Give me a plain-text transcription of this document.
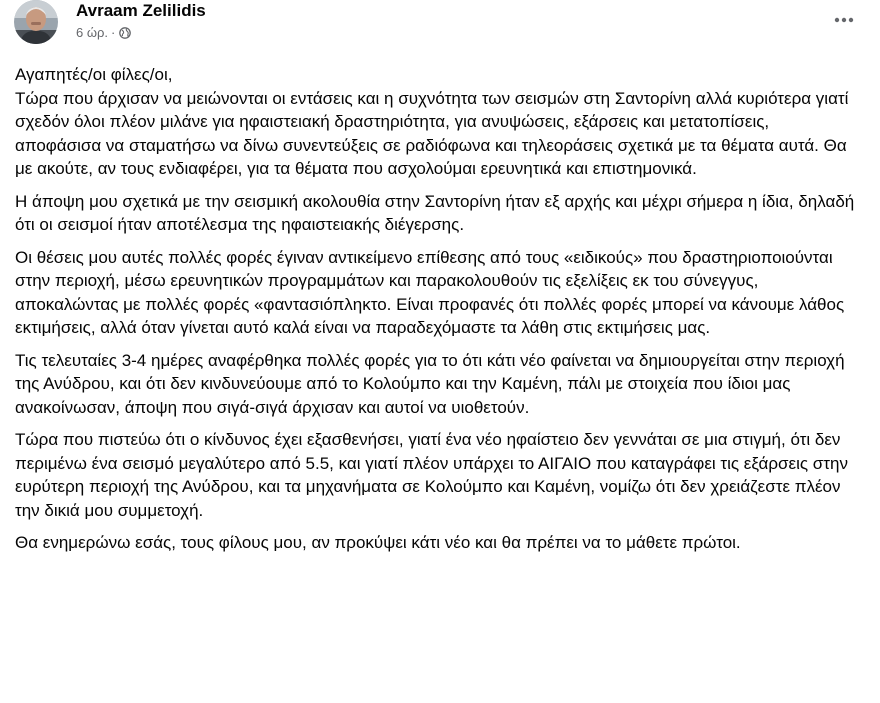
Avraam Zelilidis
6 ώρ. ·

Αγαπητές/οι φίλες/οι,
Τώρα που άρχισαν να μειώνονται οι εντάσεις και η συχνότητα των σεισμών στη Σαντορίνη αλλά κυριότερα γιατί σχεδόν όλοι πλέον μιλάνε για ηφαιστειακή δραστηριότητα, για ανυψώσεις, εξάρσεις και μετατοπίσεις, αποφάσισα να σταματήσω να δίνω συνεντεύξεις σε ραδιόφωνα και τηλεοράσεις σχετικά με τα θέματα αυτά. Θα με ακούτε, αν τους ενδιαφέρει, για τα θέματα που ασχολούμαι ερευνητικά και επιστημονικά.

Η άποψη μου σχετικά με την σεισμική ακολουθία στην Σαντορίνη ήταν εξ αρχής και μέχρι σήμερα η ίδια, δηλαδή ότι οι σεισμοί ήταν αποτέλεσμα της ηφαιστειακής διέγερσης.

Οι θέσεις μου αυτές πολλές φορές έγιναν αντικείμενο επίθεσης από τους «ειδικούς» που δραστηριοποιούνται στην περιοχή, μέσω ερευνητικών προγραμμάτων και παρακολουθούν τις εξελίξεις εκ του σύνεγγυς, αποκαλώντας με πολλές φορές «φαντασιόπληκτο. Είναι προφανές ότι πολλές φορές μπορεί να κάνουμε λάθος εκτιμήσεις, αλλά όταν γίνεται αυτό καλά είναι να παραδεχόμαστε τα λάθη στις εκτιμήσεις μας.

Τις τελευταίες 3-4 ημέρες αναφέρθηκα πολλές φορές για το ότι κάτι νέο φαίνεται να δημιουργείται στην περιοχή της Ανύδρου, και ότι δεν κινδυνεύουμε από το Κολούμπο και την Καμένη, πάλι με στοιχεία που ίδιοι μας ανακοίνωσαν, άποψη που σιγά-σιγά άρχισαν και αυτοί να υιοθετούν.

Τώρα που πιστεύω ότι ο κίνδυνος έχει εξασθενήσει, γιατί ένα νέο ηφαίστειο δεν γεννάται σε μια στιγμή, ότι δεν περιμένω ένα σεισμό μεγαλύτερο από 5.5, και γιατί πλέον υπάρχει το ΑΙΓΑΙΟ που καταγράφει τις εξάρσεις στην ευρύτερη περιοχή της Ανύδρου, και τα μηχανήματα σε Κολούμπο και Καμένη, νομίζω ότι δεν χρειάζεστε πλέον την δικιά μου συμμετοχή.

Θα ενημερώνω εσάς, τους φίλους μου, αν προκύψει κάτι νέο και θα πρέπει να το μάθετε πρώτοι.
